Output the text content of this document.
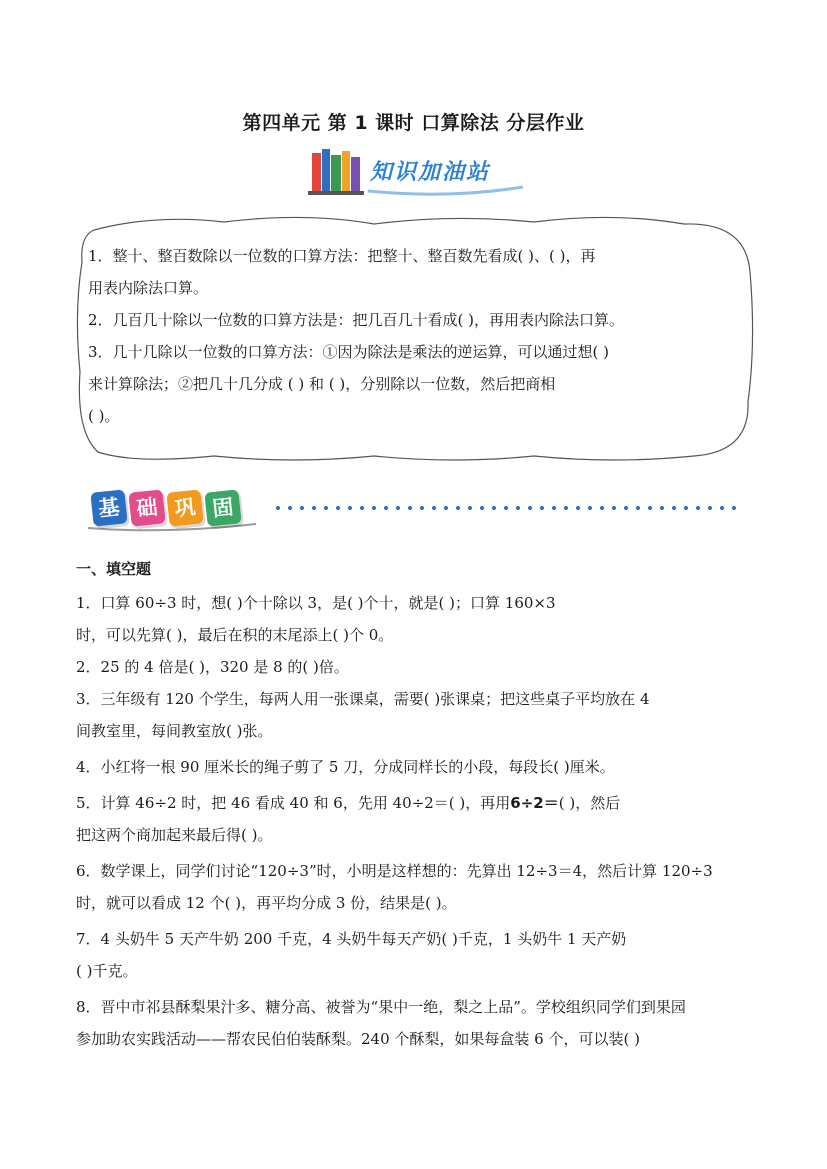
第四单元 第 1 课时 口算除法 分层作业
知识加油站
1．整十、整百数除以一位数的口算方法：把整十、整百数先看成( )、( )，再
用表内除法口算。
2．几百几十除以一位数的口算方法是：把几百几十看成( )，再用表内除法口算。
3．几十几除以一位数的口算方法：①因为除法是乘法的逆运算，可以通过想( )
来计算除法；②把几十几分成 ( ) 和 ( )，分别除以一位数，然后把商相
( )。
基 础 巩 固
一、填空题
1．口算 60÷3 时，想( )个十除以 3，是( )个十，就是( )；口算 160×3
时，可以先算( )，最后在积的末尾添上( )个 0。
2．25 的 4 倍是( )，320 是 8 的( )倍。
3．三年级有 120 个学生，每两人用一张课桌，需要( )张课桌；把这些桌子平均放在 4
间教室里，每间教室放( )张。
4．小红将一根 90 厘米长的绳子剪了 5 刀，分成同样长的小段，每段长( )厘米。
5．计算 46÷2 时，把 46 看成 40 和 6，先用 40÷2＝( )，再用6÷2＝( )，然后
把这两个商加起来最后得( )。
6．数学课上，同学们讨论“120÷3”时，小明是这样想的：先算出 12÷3＝4，然后计算 120÷3
时，就可以看成 12 个( )，再平均分成 3 份，结果是( )。
7．4 头奶牛 5 天产牛奶 200 千克，4 头奶牛每天产奶( )千克，1 头奶牛 1 天产奶
( )千克。
8．晋中市祁县酥梨果汁多、糖分高、被誉为“果中一绝，梨之上品”。学校组织同学们到果园
参加助农实践活动——帮农民伯伯装酥梨。240 个酥梨，如果每盒装 6 个，可以装( )
